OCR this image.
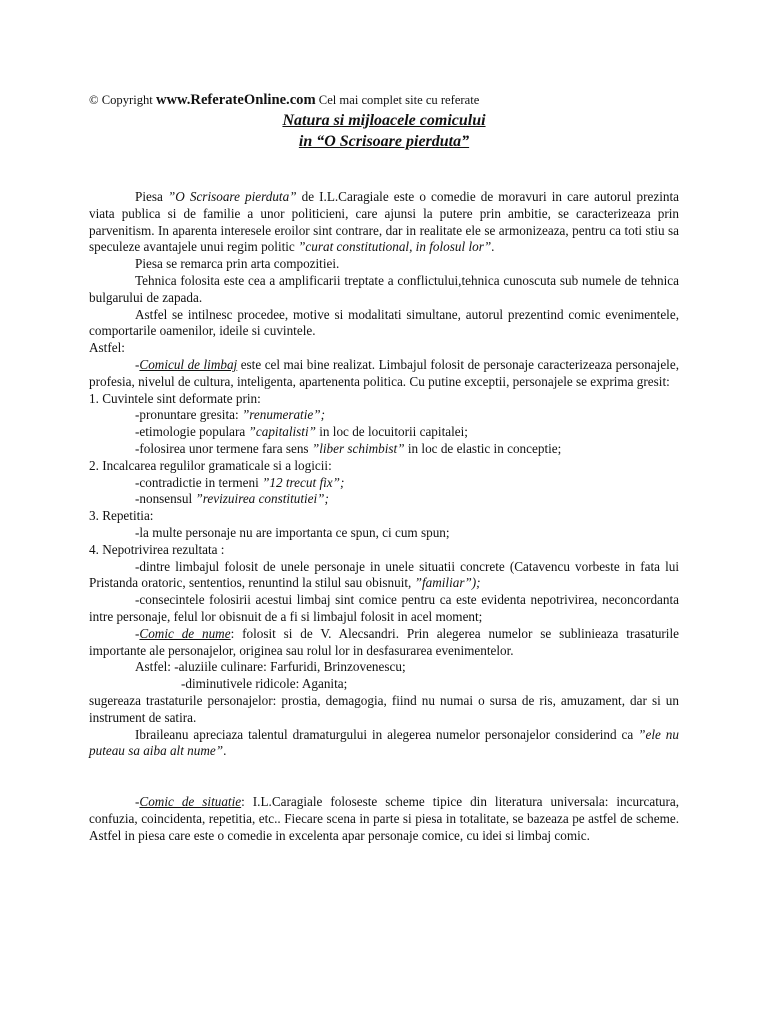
© Copyright www.ReferateOnline.com Cel mai complet site cu referate
Natura si mijloacele comicului
in “O Scrisoare pierduta”

Piesa ”O Scrisoare pierduta” de I.L.Caragiale este o comedie de moravuri in care autorul prezinta viata publica si de familie a unor politicieni, care ajunsi la putere prin ambitie, se caracterizeaza prin parvenitism. In aparenta interesele eroilor sint contrare, dar in realitate ele se armonizeaza, pentru ca toti stiu sa speculeze avantajele unui regim politic ”curat constitutional, in folosul lor”.

Piesa se remarca prin arta compozitiei.

Tehnica folosita este cea a amplificarii treptate a conflictului,tehnica cunoscuta sub numele de tehnica bulgarului de zapada.

Astfel se intilnesc procedee, motive si modalitati simultane, autorul prezentind comic evenimentele, comportarile oamenilor, ideile si cuvintele.

Astfel:

-Comicul de limbaj este cel mai bine realizat. Limbajul folosit de personaje caracterizeaza personajele, profesia, nivelul de cultura, inteligenta, apartenenta politica. Cu putine exceptii, personajele se exprima gresit:

1. Cuvintele sint deformate prin:

-pronuntare gresita: ”renumeratie”;

-etimologie populara ”capitalisti” in loc de locuitorii capitalei;

-folosirea unor termene fara sens ”liber schimbist” in loc de elastic in conceptie;

2. Incalcarea regulilor gramaticale si a logicii:

-contradictie in termeni ”12 trecut fix”;

-nonsensul ”revizuirea constitutiei”;

3. Repetitia:

-la multe personaje nu are importanta ce spun, ci cum spun;

4. Nepotrivirea rezultata :

-dintre limbajul folosit de unele personaje in unele situatii concrete (Catavencu vorbeste in fata lui Pristanda oratoric, sententios, renuntind la stilul sau obisnuit, ”familiar”);

-consecintele folosirii acestui limbaj sint comice pentru ca este evidenta nepotrivirea, neconcordanta intre personaje, felul lor obisnuit de a fi si limbajul folosit in acel moment;

-Comic de nume: folosit si de V. Alecsandri. Prin alegerea numelor se sublinieaza trasaturile importante ale personajelor, originea sau rolul lor in desfasurarea evenimentelor.

Astfel: -aluziile culinare: Farfuridi, Brinzovenescu;

-diminutivele ridicole: Aganita;

sugereaza trastaturile personajelor: prostia, demagogia, fiind nu numai o sursa de ris, amuzament, dar si un instrument de satira.

Ibraileanu apreciaza talentul dramaturgului in alegerea numelor personajelor considerind ca ”ele nu puteau sa aiba alt nume”.

-Comic de situatie: I.L.Caragiale foloseste scheme tipice din literatura universala: incurcatura, confuzia, coincidenta, repetitia, etc.. Fiecare scena in parte si piesa in totalitate, se bazeaza pe astfel de scheme. Astfel in piesa care este o comedie in excelenta apar personaje comice, cu idei si limbaj comic.
